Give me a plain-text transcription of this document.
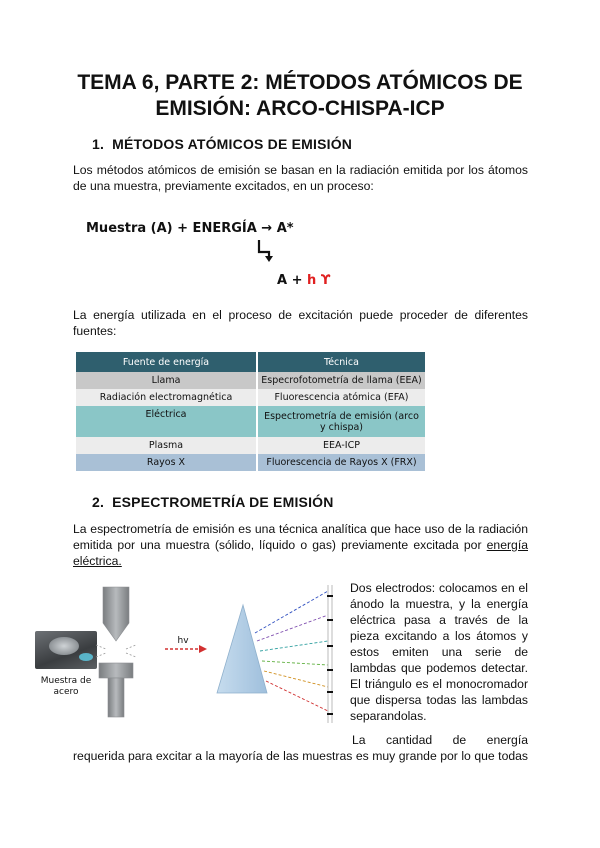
TEMA 6, PARTE 2: MÉTODOS ATÓMICOS DE
EMISIÓN: ARCO-CHISPA-ICP
1. MÉTODOS ATÓMICOS DE EMISIÓN
Los métodos atómicos de emisión se basan en la radiación emitida por los átomos de una muestra, previamente excitados, en un proceso:
Muestra (A) + ENERGÍA → A*
A + h ϒ
La energía utilizada en el proceso de excitación puede proceder de diferentes fuentes:
Fuente de energía	Técnica
Llama	Especrofotometría de llama (EEA)
Radiación electromagnética	Fluorescencia atómica (EFA)
Eléctrica	Espectrometría de emisión (arco y chispa)
Plasma	EEA-ICP
Rayos X	Fluorescencia de Rayos X (FRX)
2. ESPECTROMETRÍA DE EMISIÓN
La espectrometría de emisión es una técnica analítica que hace uso de la radiación emitida por una muestra (sólido, líquido o gas) previamente excitada por energía eléctrica.
Muestra de
acero
hv
Dos electrodos: colocamos en el ánodo la muestra, y la energía eléctrica pasa a través de la pieza excitando a los átomos y estos emiten una serie de lambdas que podemos detectar. El triángulo es el monocromador que dispersa todas las lambdas separandolas.
La cantidad de energía requerida para excitar a la mayoría de las muestras es muy grande por lo que todas
